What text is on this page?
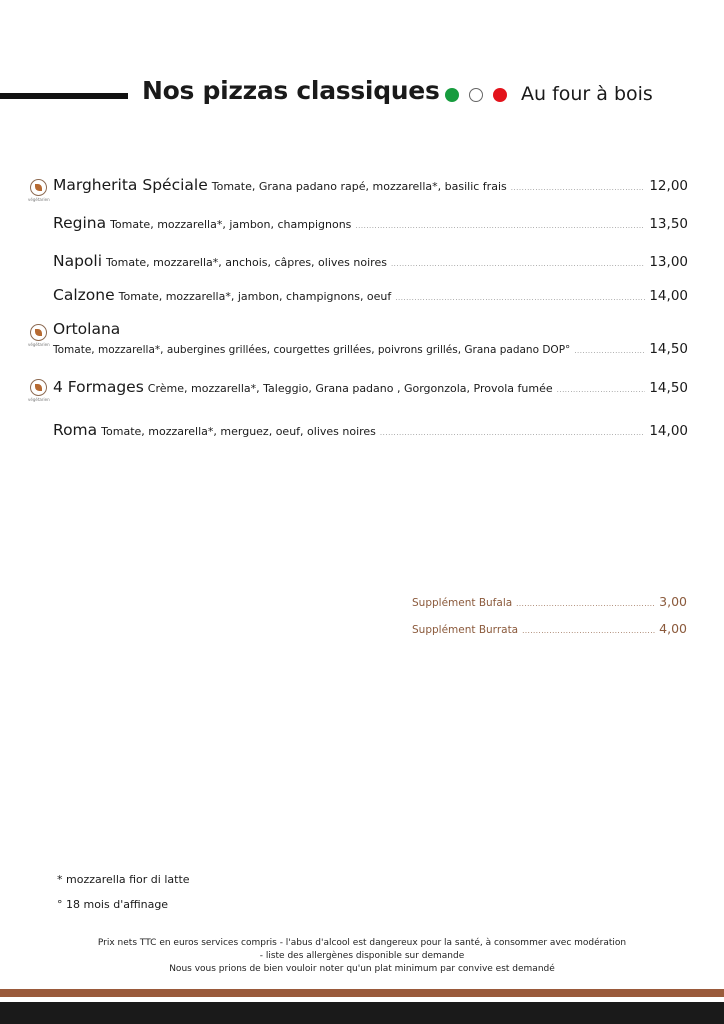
Nos pizzas classiques	Au four à bois
végétarien
végétarien
végétarien
Margherita Spéciale Tomate, Grana padano rapé, mozzarella*, basilic frais .....	12,00
Regina Tomate, mozzarella*, jambon, champignons .....	13,50
Napoli Tomate, mozzarella*, anchois, câpres, olives noires .....	13,00
Calzone Tomate, mozzarella*, jambon, champignons, oeuf .....	14,00
Ortolana
Tomate, mozzarella*, aubergines grillées, courgettes grillées, poivrons grillés, Grana padano DOP° .....	14,50
4 Formages Crème, mozzarella*, Taleggio, Grana padano , Gorgonzola, Provola fumée .....	14,50
Roma Tomate, mozzarella*, merguez, oeuf, olives noires .....	14,00
Supplément Bufala .....	3,00
Supplément Burrata .....	4,00
* mozzarella fior di latte
° 18 mois d'affinage
Prix nets TTC en euros services compris - l'abus d'alcool est dangereux pour la santé, à consommer avec modération
- liste des allergènes disponible sur demande
Nous vous prions de bien vouloir noter qu'un plat minimum par convive est demandé
